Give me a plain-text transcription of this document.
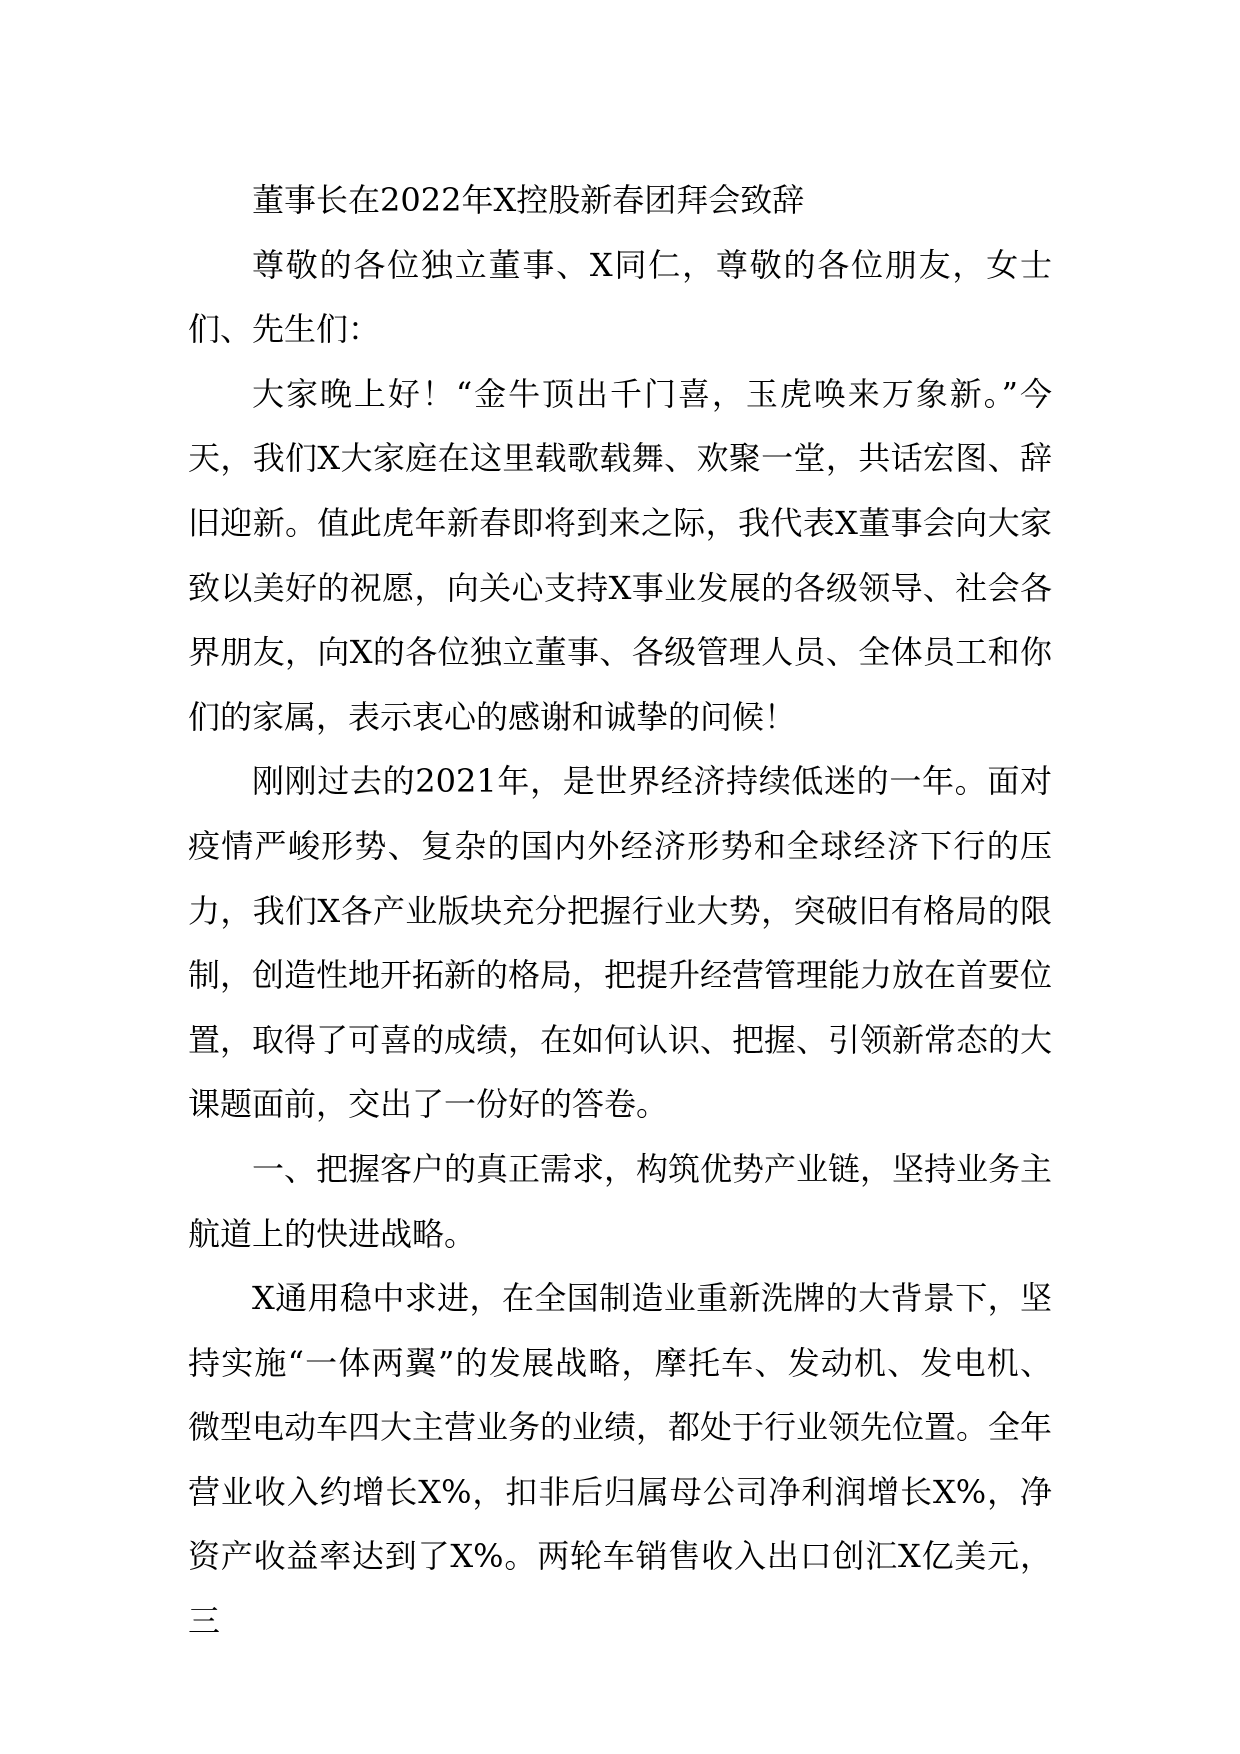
董事长在2022年X控股新春团拜会致辞

尊敬的各位独立董事、X同仁，尊敬的各位朋友，女士们、先生们：

大家晚上好！“金牛顶出千门喜，玉虎唤来万象新。”今天，我们X大家庭在这里载歌载舞、欢聚一堂，共话宏图、辞旧迎新。值此虎年新春即将到来之际，我代表X董事会向大家致以美好的祝愿，向关心支持X事业发展的各级领导、社会各界朋友，向X的各位独立董事、各级管理人员、全体员工和你们的家属，表示衷心的感谢和诚挚的问候！

刚刚过去的2021年，是世界经济持续低迷的一年。面对疫情严峻形势、复杂的国内外经济形势和全球经济下行的压力，我们X各产业版块充分把握行业大势，突破旧有格局的限制，创造性地开拓新的格局，把提升经营管理能力放在首要位置，取得了可喜的成绩，在如何认识、把握、引领新常态的大课题面前，交出了一份好的答卷。

一、把握客户的真正需求，构筑优势产业链，坚持业务主航道上的快进战略。

X通用稳中求进，在全国制造业重新洗牌的大背景下，坚持实施“一体两翼”的发展战略，摩托车、发动机、发电机、微型电动车四大主营业务的业绩，都处于行业领先位置。全年营业收入约增长X%，扣非后归属母公司净利润增长X%，净资产收益率达到了X%。两轮车销售收入出口创汇X亿美元，三
